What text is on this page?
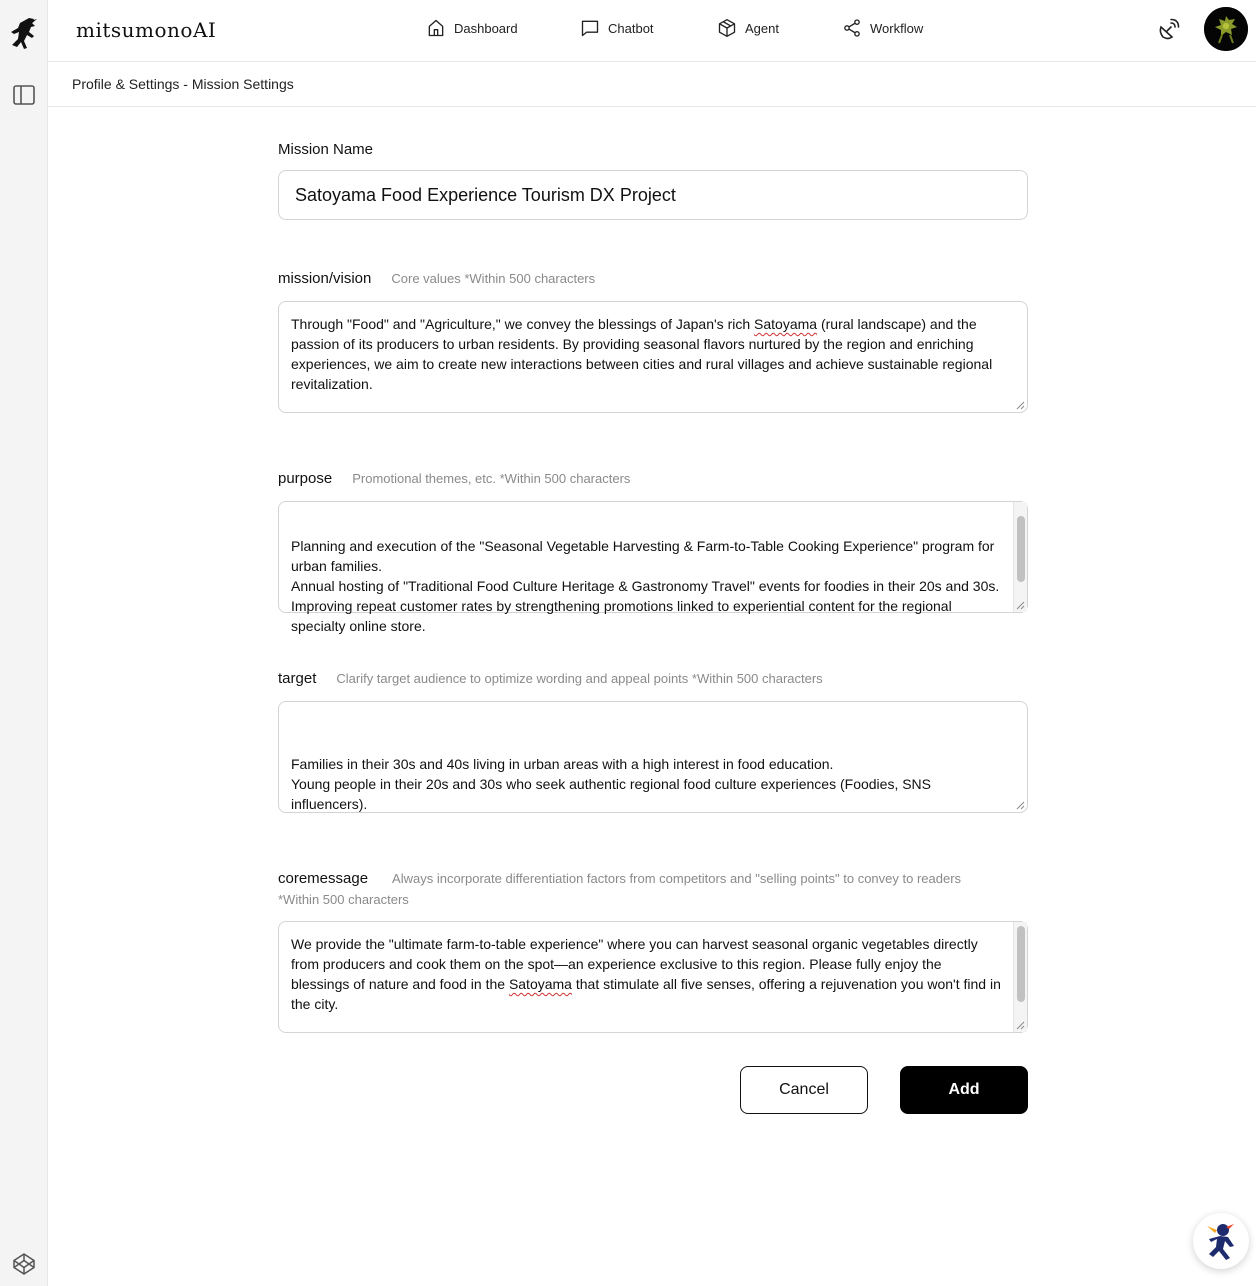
mitsumonoAI	Dashboard	Chatbot	Agent	Workflow
Profile & Settings - Mission Settings
Mission Name
Satoyama Food Experience Tourism DX Project
mission/vision Core values *Within 500 characters
Through "Food" and "Agriculture," we convey the blessings of Japan's rich Satoyama (rural landscape) and the passion of its producers to urban residents. By providing seasonal flavors nurtured by the region and enriching experiences, we aim to create new interactions between cities and rural villages and achieve sustainable regional revitalization.

purpose Promotional themes, etc. *Within 500 characters

Planning and execution of the "Seasonal Vegetable Harvesting & Farm-to-Table Cooking Experience" program for urban families.
Annual hosting of "Traditional Food Culture Heritage & Gastronomy Travel" events for foodies in their 20s and 30s.
Improving repeat customer rates by strengthening promotions linked to experiential content for the regional specialty online store.

target Clarify target audience to optimize wording and appeal points *Within 500 characters

Families in their 30s and 40s living in urban areas with a high interest in food education.
Young people in their 20s and 30s who seek authentic regional food culture experiences (Foodies, SNS influencers).

coremessage Always incorporate differentiation factors from competitors and "selling points" to convey to readers
*Within 500 characters
We provide the "ultimate farm-to-table experience" where you can harvest seasonal organic vegetables directly from producers and cook them on the spot—an experience exclusive to this region. Please fully enjoy the blessings of nature and food in the Satoyama that stimulate all five senses, offering a rejuvenation you won't find in the city.

Cancel	Add
